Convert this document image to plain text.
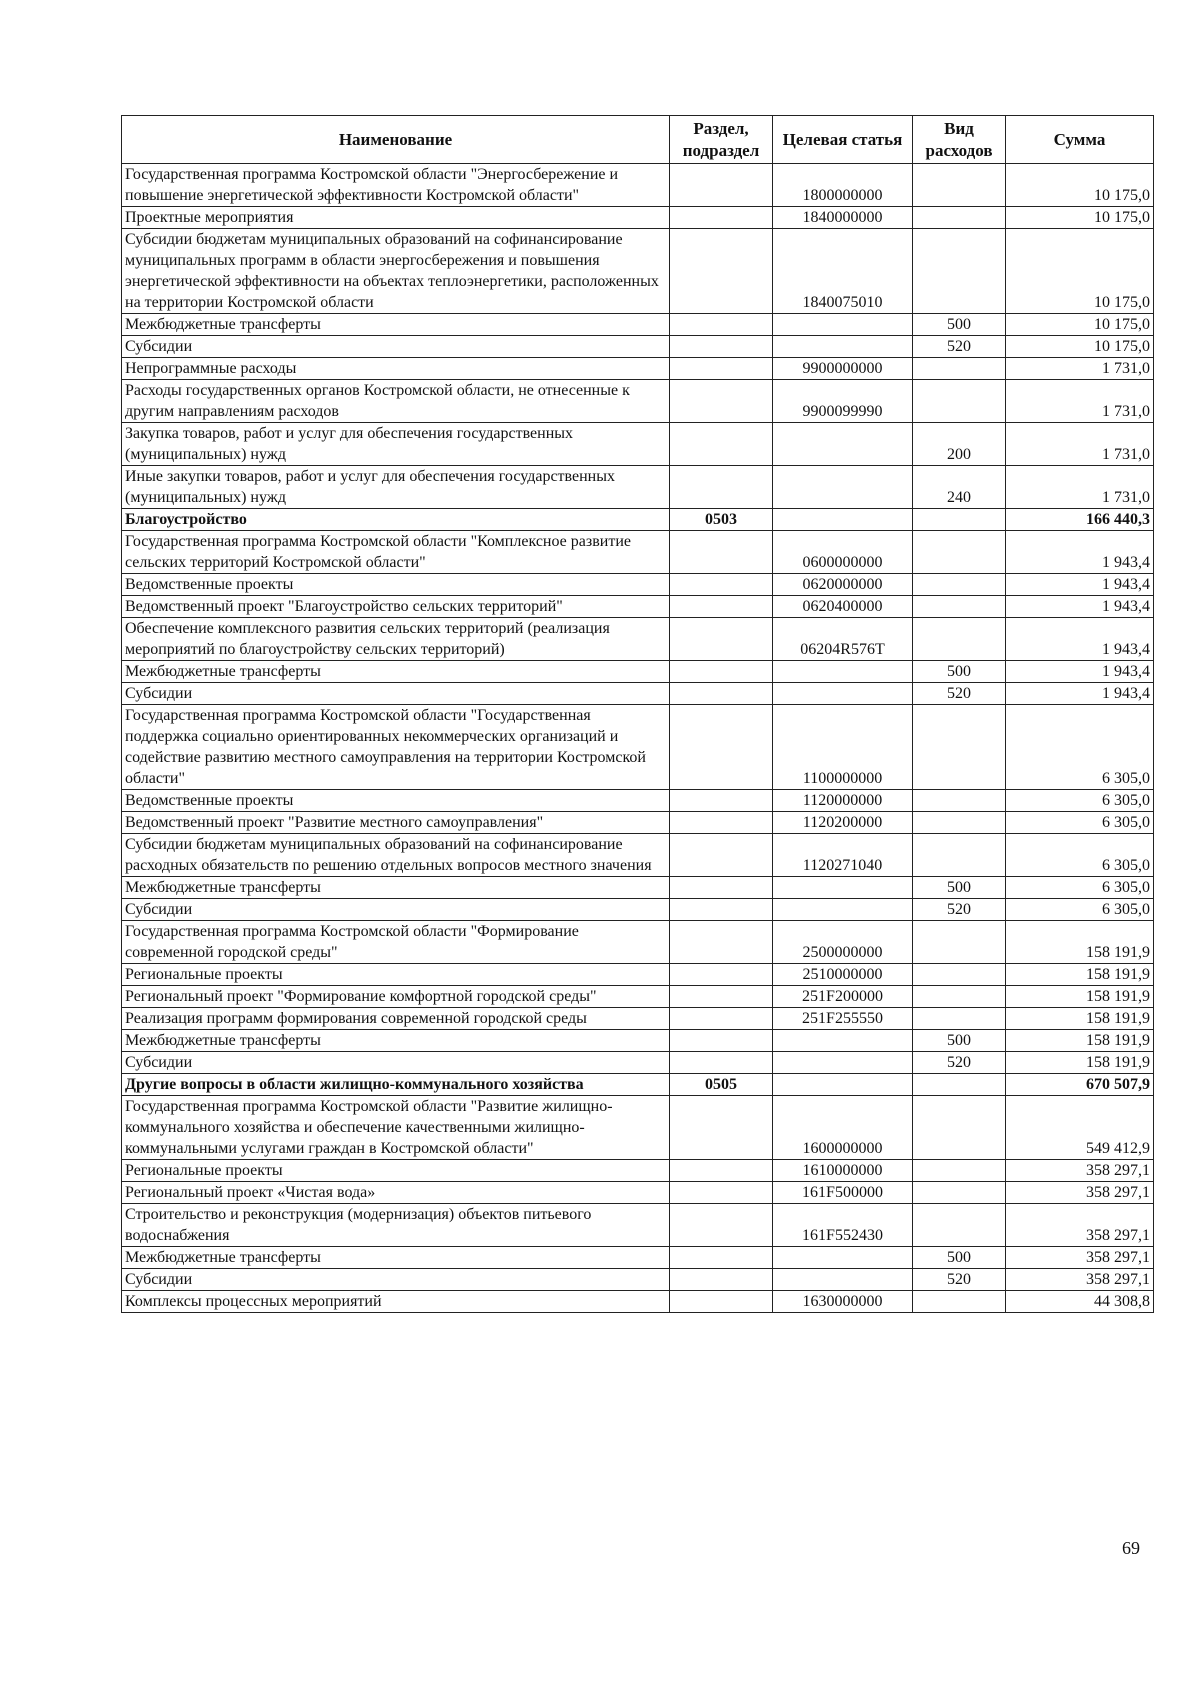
Наименование	Раздел, подраздел	Целевая статья	Вид расходов	Сумма
Государственная программа Костромской области "Энергосбережение и повышение энергетической эффективности Костромской области"		1800000000		10 175,0
Проектные мероприятия		1840000000		10 175,0
Субсидии бюджетам муниципальных образований на софинансирование муниципальных программ в области энергосбережения и повышения энергетической эффективности на объектах теплоэнергетики, расположенных на территории Костромской области		1840075010		10 175,0
Межбюджетные трансферты			500	10 175,0
Субсидии			520	10 175,0
Непрограммные расходы		9900000000		1 731,0
Расходы государственных органов Костромской области, не отнесенные к другим направлениям расходов		9900099990		1 731,0
Закупка товаров, работ и услуг для обеспечения государственных (муниципальных) нужд			200	1 731,0
Иные закупки товаров, работ и услуг для обеспечения государственных (муниципальных) нужд			240	1 731,0
Благоустройство	0503			166 440,3
Государственная программа Костромской области "Комплексное развитие сельских территорий Костромской области"		0600000000		1 943,4
Ведомственные проекты		0620000000		1 943,4
Ведомственный проект "Благоустройство сельских территорий"		0620400000		1 943,4
Обеспечение комплексного развития сельских территорий (реализация мероприятий по благоустройству сельских территорий)		06204R576T		1 943,4
Межбюджетные трансферты			500	1 943,4
Субсидии			520	1 943,4
Государственная программа Костромской области "Государственная поддержка социально ориентированных некоммерческих организаций и содействие развитию местного самоуправления на территории Костромской области"		1100000000		6 305,0
Ведомственные проекты		1120000000		6 305,0
Ведомственный проект "Развитие местного самоуправления"		1120200000		6 305,0
Субсидии бюджетам муниципальных образований на софинансирование расходных обязательств по решению отдельных вопросов местного значения		1120271040		6 305,0
Межбюджетные трансферты			500	6 305,0
Субсидии			520	6 305,0
Государственная программа Костромской области "Формирование современной городской среды"		2500000000		158 191,9
Региональные проекты		2510000000		158 191,9
Региональный проект "Формирование комфортной городской среды"		251F200000		158 191,9
Реализация программ формирования современной городской среды		251F255550		158 191,9
Межбюджетные трансферты			500	158 191,9
Субсидии			520	158 191,9
Другие вопросы в области жилищно-коммунального хозяйства	0505			670 507,9
Государственная программа Костромской области "Развитие жилищно-коммунального хозяйства и обеспечение качественными жилищно-коммунальными услугами граждан в Костромской области"		1600000000		549 412,9
Региональные проекты		1610000000		358 297,1
Региональный проект «Чистая вода»		161F500000		358 297,1
Строительство и реконструкция (модернизация) объектов питьевого водоснабжения		161F552430		358 297,1
Межбюджетные трансферты			500	358 297,1
Субсидии			520	358 297,1
Комплексы процессных мероприятий		1630000000		44 308,8
69
